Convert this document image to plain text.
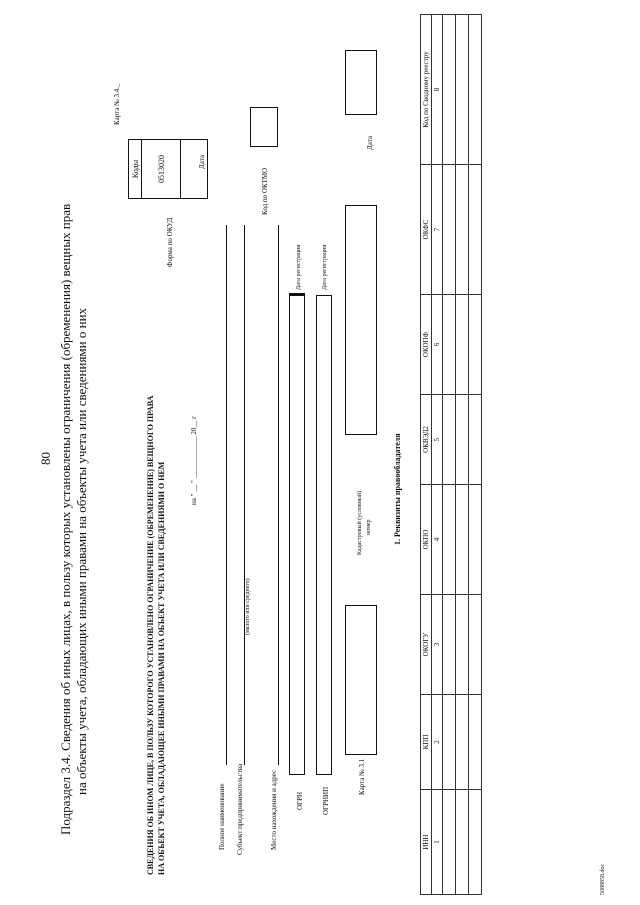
80 Подраздел 3.4. Сведения об иных лицах, в пользу которых установлены ограничения (обременения) вещных прав на объекты учета, обладающих иными правами на объекты учета или сведениями о них
Карта № 3.4._
Коды
0513020

Форма по ОКУД
Дата
СВЕДЕНИЯ ОБ ИНОМ ЛИЦЕ, В ПОЛЬЗУ КОТОРОГО УСТАНОВЛЕНО ОГРАНИЧЕНИЕ (ОБРЕМЕНЕНИЕ) ВЕЩНОГО ПРАВА НА ОБЪЕКТ УЧЕТА, ОБЛАДАЮЩЕЕ ИНЫМИ ПРАВАМИ НА ОБЪЕКТ УЧЕТА ИЛИ СВЕДЕНИЯМИ О НЕМ
на " __ " ____________ 20__ г
Полное наименование Субъект предпринимательства
(малого или среднего)
Место нахождения и адрес
Код по ОКТМО
ОГРН
Дата регистрации
ОГРНИП
Дата регистрации
Карта № 3.1
Кадастровый (условный) номер
Дата
1. Реквизиты правообладателя
ИНН	КПП	ОКОГУ	ОКПО	ОКВЭД2	ОКОПФ	ОКФС	Код по Сводному реестру
1	2	3	4	5	6	7	8

5088858.doc
